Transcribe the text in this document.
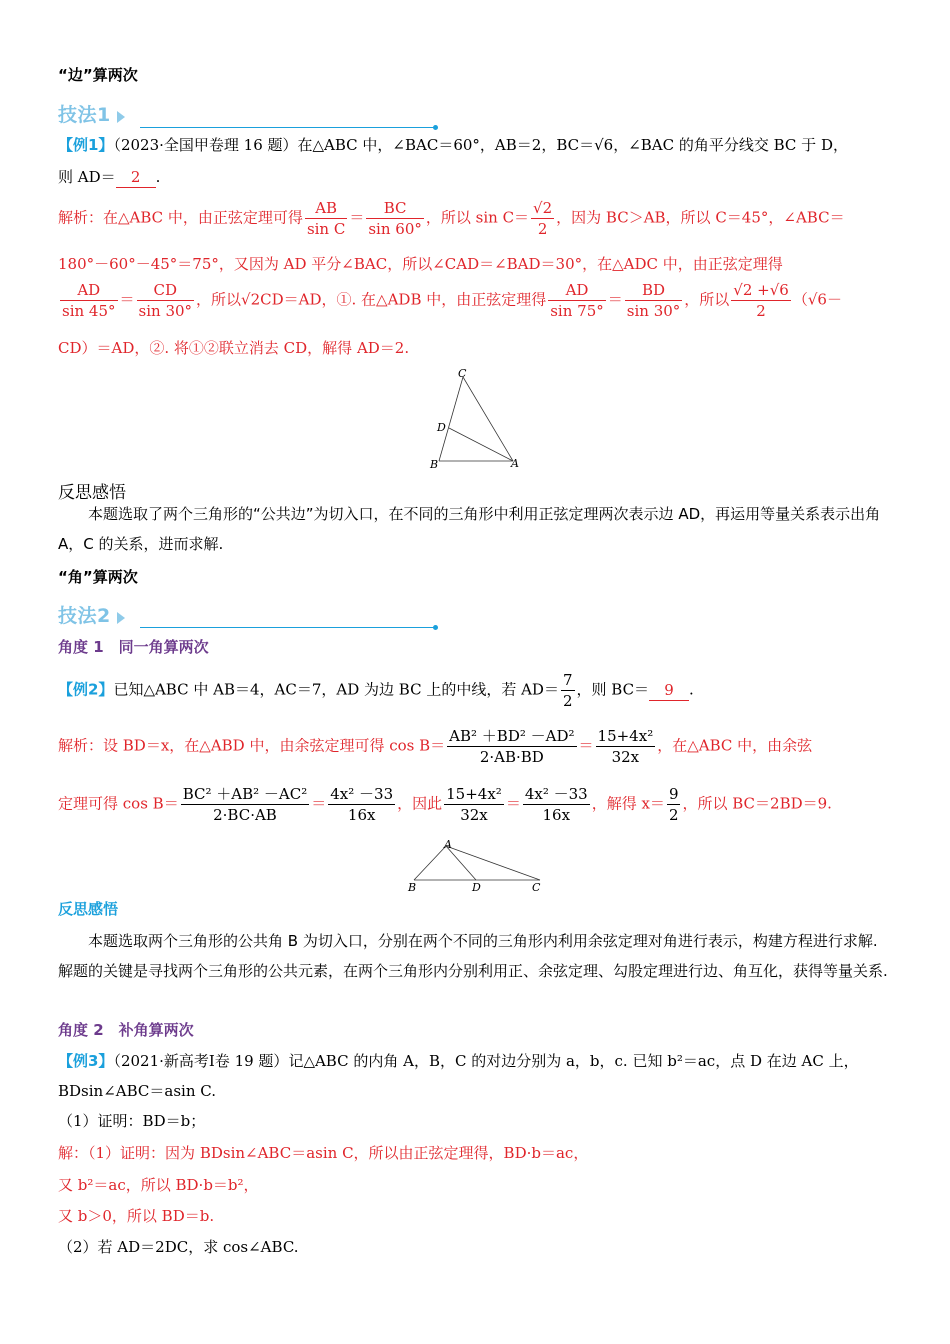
“边”算两次
技法1
【例1】（2023·全国甲卷理 16 题）在△ABC 中，∠BAC＝60°，AB＝2，BC＝√6，∠BAC 的角平分线交 BC 于 D，
则 AD＝ 2 .
解析：在△ABC 中，由正弦定理可得 $\frac{AB}{\text{sin C}} = \frac{BC}{\sin 60^\circ}$ ，所以 $\sin C= \frac{√2}{2}$ ，因为 BC＞AB，所以 C＝45°，∠ABC＝
180°－60°－45°＝75°，又因为 AD 平分∠BAC，所以∠CAD＝∠BAD＝30°，在△ADC 中，由正弦定理得
$\frac{AD}{\sin 45^\circ} = \frac{CD}{\sin 30^\circ}$ ，所以√2CD＝AD，①. 在△ADB 中，由正弦定理得 $\frac{AD}{\sin 75^\circ} = \frac{BD}{\sin 30^\circ}$ ，所以 $\frac{√2 +√6}{2} (√6-$
CD）＝AD，②. 将①②联立消去 CD，解得 AD＝2.
C
D
B	A
反思感悟
本题选取了两个三角形的“公共边”为切入口，在不同的三角形中利用正弦定理两次表示边 AD，再运用等量关系表示出角 A，C 的关系，进而求解.
“角”算两次
技法2
角度 1　同一角算两次
【例2】已知△ABC 中 AB＝4，AC＝7，AD 为边 BC 上的中线，若 $AD= \frac{7}{2}$ ，则 BC＝ 9 .
解析：设 BD＝x，在△ABD 中，由余弦定理可得 $\cos B= \frac{\text{AB² ＋BD² －AD²}}{2\cdot AB\cdot BD} = \frac{\text{15+4x²}}{32x}$ ，在△ABC 中，由余弦
定理可得 $\cos B= \frac{\text{BC² ＋AB² －AC²}}{2\cdot BC\cdot AB} = \frac{\text{4x² －33}}{16x}$ ，因此 $\frac{\text{15+4x²}}{32x} = \frac{\text{4x² －33}}{16x}$ ，解得 $x= \frac{9}{2}$ ，所以 BC＝2BD＝9.
A
B	D	C
反思感悟
本题选取两个三角形的公共角 B 为切入口，分别在两个不同的三角形内利用余弦定理对角进行表示，构建方程进行求解. 解题的关键是寻找两个三角形的公共元素，在两个三角形内分别利用正、余弦定理、勾股定理进行边、角互化，获得等量关系.
角度 2　补角算两次
【例3】（2021·新高考Ⅰ卷 19 题）记△ABC 的内角 A，B，C 的对边分别为 a，b，c. 已知 b²＝ac，点 D 在边 AC 上，
BDsin∠ABC＝asin C.
（1）证明：BD＝b；
解：（1）证明：因为 BDsin∠ABC＝asin C，所以由正弦定理得，BD·b＝ac，
又 b²＝ac，所以 BD·b＝b²，
又 b＞0，所以 BD＝b.
（2）若 AD＝2DC，求 cos∠ABC.
